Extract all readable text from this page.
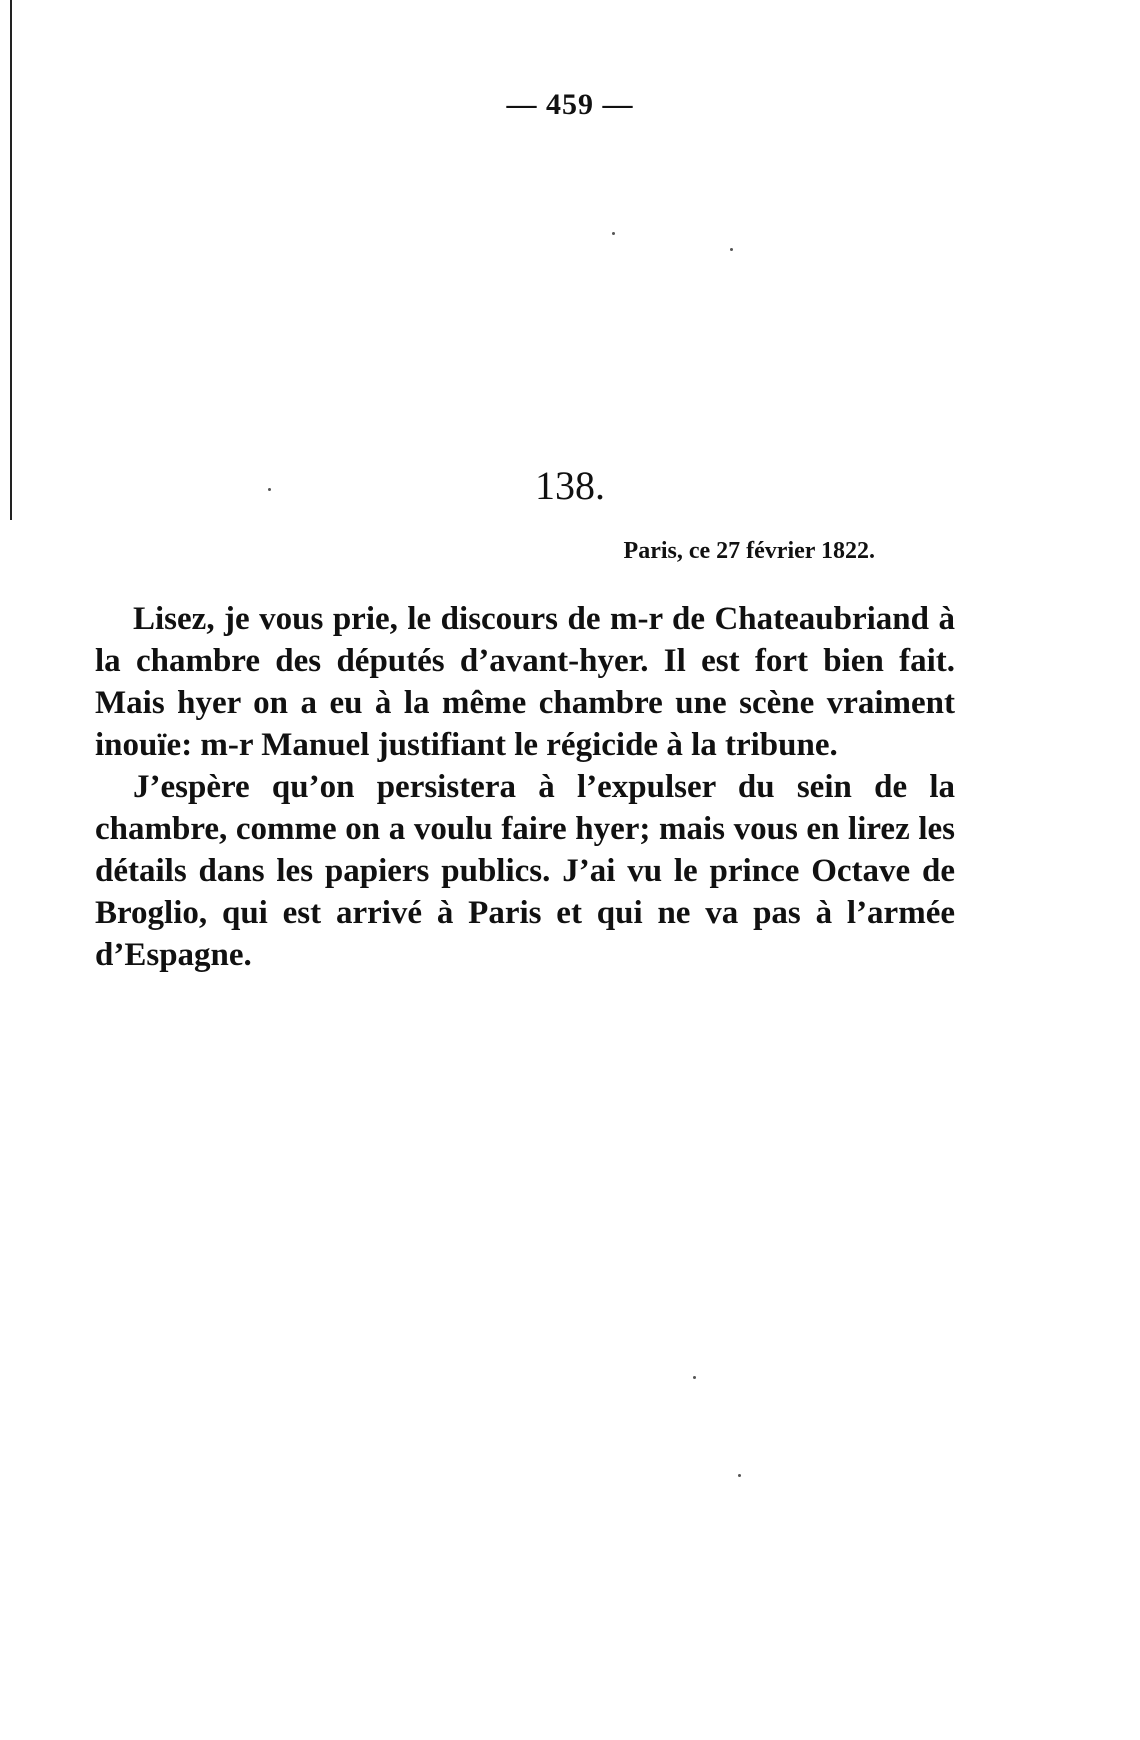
— 459 —
138.
Paris, ce 27 février 1822.

Lisez, je vous prie, le discours de m-r de Chateaubriand à la chambre des députés d’avant-hyer. Il est fort bien fait. Mais hyer on a eu à la même chambre une scène vraiment inouïe: m-r Manuel justifiant le régicide à la tribune.

J’espère qu’on persistera à l’expulser du sein de la chambre, comme on a voulu faire hyer; mais vous en lirez les détails dans les papiers publics. J’ai vu le prince Octave de Broglio, qui est arrivé à Paris et qui ne va pas à l’armée d’Espagne.
